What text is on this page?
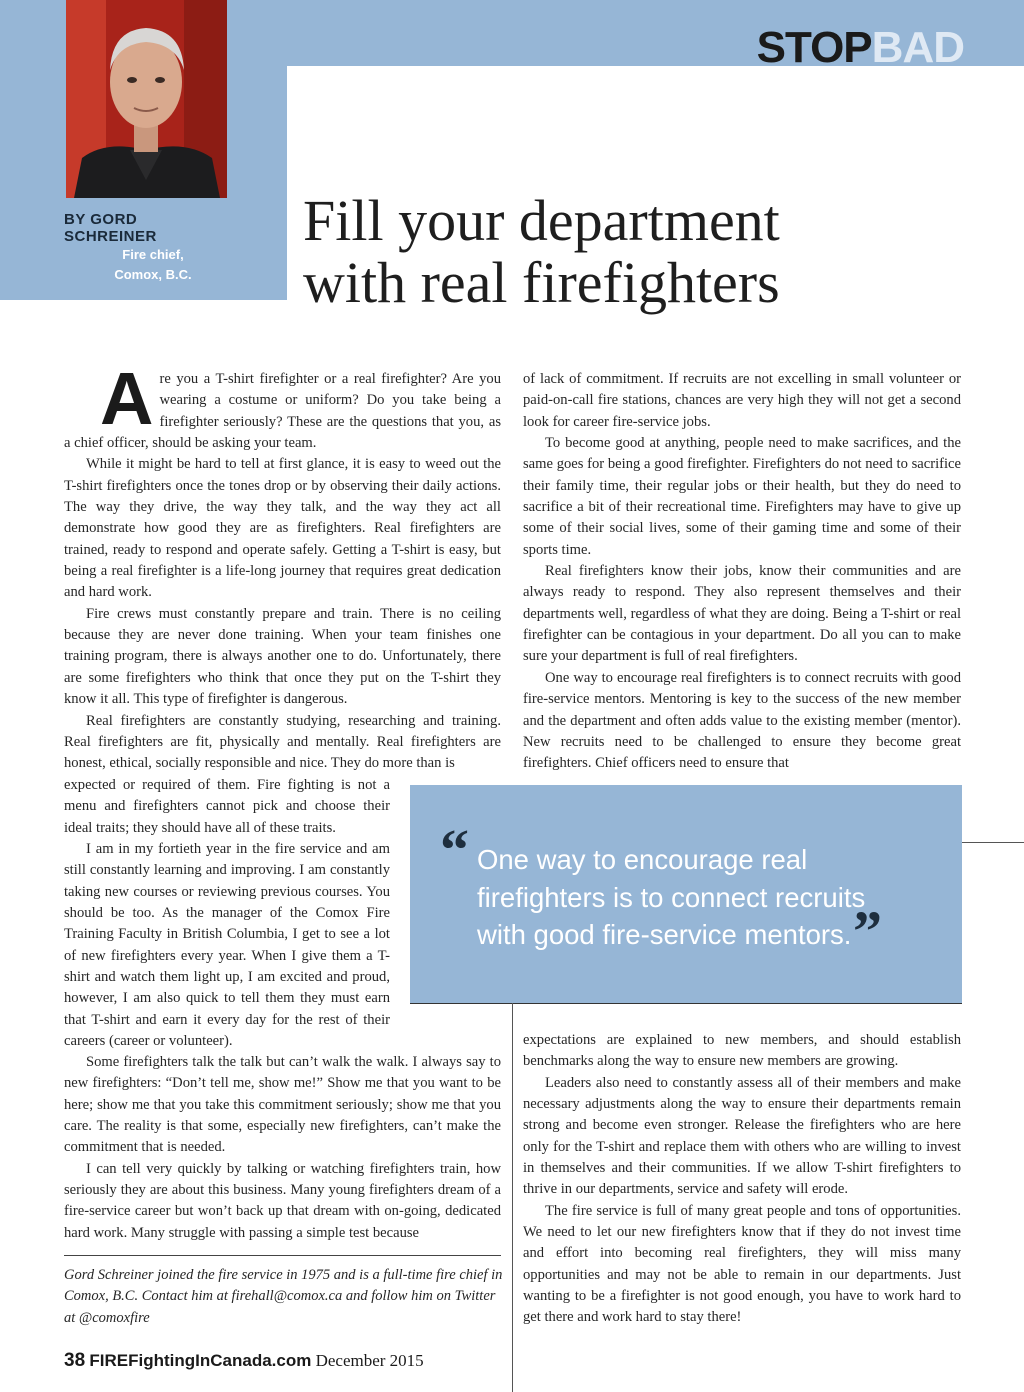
STOPBAD
BY GORD SCHREINER
Fire chief,
Comox, B.C.
Fill your department
with real firefighters

Are you a T-shirt firefighter or a real firefighter? Are you wearing a costume or uniform? Do you take being a firefighter seriously? These are the questions that you, as a chief officer, should be asking your team.

While it might be hard to tell at first glance, it is easy to weed out the T-shirt firefighters once the tones drop or by observing their daily actions. The way they drive, the way they talk, and the way they act all demonstrate how good they are as firefighters. Real firefighters are trained, ready to respond and operate safely. Getting a T-shirt is easy, but being a real firefighter is a life-long journey that requires great dedication and hard work.

Fire crews must constantly prepare and train. There is no ceiling because they are never done training. When your team finishes one training program, there is always another one to do. Unfortunately, there are some firefighters who think that once they put on the T-shirt they know it all. This type of firefighter is dangerous.

Real firefighters are constantly studying, researching and training. Real firefighters are fit, physically and mentally. Real firefighters are honest, ethical, socially responsible and nice. They do more than is

expected or required of them. Fire fighting is not a menu and firefighters cannot pick and choose their ideal traits; they should have all of these traits.

I am in my fortieth year in the fire service and am still constantly learning and improving. I am constantly taking new courses or reviewing previous courses. You should be too. As the manager of the Comox Fire Training Faculty in British Columbia, I get to see a lot of new firefighters every year. When I give them a T-shirt and watch them light up, I am excited and proud, however, I am also quick to tell them they must earn that T-shirt and earn it every day for the rest of their careers (career or volunteer).

Some firefighters talk the talk but can’t walk the walk. I always say to new firefighters: “Don’t tell me, show me!” Show me that you want to be here; show me that you take this commitment seriously; show me that you care. The reality is that some, especially new firefighters, can’t make the commitment that is needed.

I can tell very quickly by talking or watching firefighters train, how seriously they are about this business. Many young firefighters dream of a fire-service career but won’t back up that dream with on-going, dedicated hard work. Many struggle with passing a simple test because

of lack of commitment. If recruits are not excelling in small volunteer or paid-on-call fire stations, chances are very high they will not get a second look for career fire-service jobs.

To become good at anything, people need to make sacrifices, and the same goes for being a good firefighter. Firefighters do not need to sacrifice their family time, their regular jobs or their health, but they do need to sacrifice a bit of their recreational time. Firefighters may have to give up some of their social lives, some of their gaming time and some of their sports time.

Real firefighters know their jobs, know their communities and are always ready to respond. They also represent themselves and their departments well, regardless of what they are doing. Being a T-shirt or real firefighter can be contagious in your department. Do all you can to make sure your department is full of real firefighters.

One way to encourage real firefighters is to connect recruits with good fire-service mentors. Mentoring is key to the success of the new member and the department and often adds value to the existing member (mentor). New recruits need to be challenged to ensure they become great firefighters. Chief officers need to ensure that

“ One way to encourage real firefighters is to connect recruits with good fire-service mentors. ”

expectations are explained to new members, and should establish benchmarks along the way to ensure new members are growing.

Leaders also need to constantly assess all of their members and make necessary adjustments along the way to ensure their departments remain strong and become even stronger. Release the firefighters who are here only for the T-shirt and replace them with others who are willing to invest in themselves and their communities. If we allow T-shirt firefighters to thrive in our departments, service and safety will erode.

The fire service is full of many great people and tons of opportunities. We need to let our new firefighters know that if they do not invest time and effort into becoming real firefighters, they will miss many opportunities and may not be able to remain in our departments. Just wanting to be a firefighter is not good enough, you have to work hard to get there and work hard to stay there!

Gord Schreiner joined the fire service in 1975 and is a full-time fire chief in Comox, B.C. Contact him at firehall@comox.ca and follow him on Twitter at @comoxfire
38 FIREFightingInCanada.com December 2015
